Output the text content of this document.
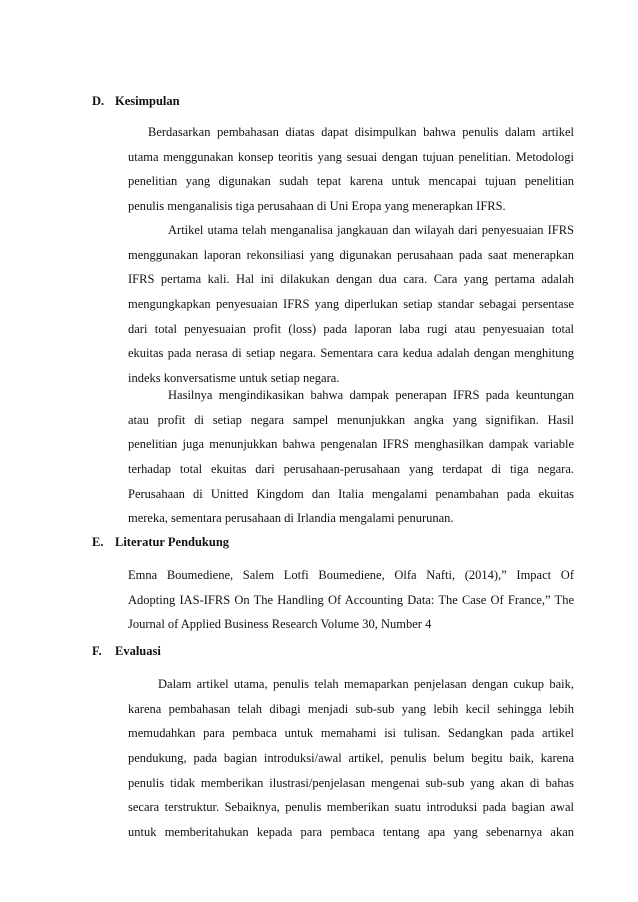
D. Kesimpulan
Berdasarkan pembahasan diatas dapat disimpulkan bahwa penulis dalam artikel
utama menggunakan konsep teoritis yang sesuai dengan tujuan penelitian. Metodologi
penelitian yang digunakan sudah tepat karena untuk mencapai tujuan penelitian
penulis menganalisis tiga perusahaan di Uni Eropa yang menerapkan IFRS.
Artikel utama telah menganalisa jangkauan dan wilayah dari penyesuaian IFRS
menggunakan laporan rekonsiliasi yang digunakan perusahaan pada saat menerapkan
IFRS pertama kali. Hal ini dilakukan dengan dua cara. Cara yang pertama adalah
mengungkapkan penyesuaian IFRS yang diperlukan setiap standar sebagai persentase
dari total penyesuaian profit (loss) pada laporan laba rugi atau penyesuaian total
ekuitas pada nerasa di setiap negara. Sementara cara kedua adalah dengan menghitung
indeks konversatisme untuk setiap negara.
Hasilnya mengindikasikan bahwa dampak penerapan IFRS pada keuntungan
atau profit di setiap negara sampel menunjukkan angka yang signifikan. Hasil
penelitian juga menunjukkan bahwa pengenalan IFRS menghasilkan dampak variable
terhadap total ekuitas dari perusahaan-perusahaan yang terdapat di tiga negara.
Perusahaan di Unitted Kingdom dan Italia mengalami penambahan pada ekuitas
mereka, sementara perusahaan di Irlandia mengalami penurunan.
E. Literatur Pendukung
Emna Boumediene, Salem Lotfi Boumediene, Olfa Nafti, (2014),” Impact Of
Adopting IAS-IFRS On The Handling Of Accounting Data: The Case Of France,” The
Journal of Applied Business Research Volume 30, Number 4
F. Evaluasi
Dalam artikel utama, penulis telah memaparkan penjelasan dengan cukup baik,
karena pembahasan telah dibagi menjadi sub-sub yang lebih kecil sehingga lebih
memudahkan para pembaca untuk memahami isi tulisan. Sedangkan pada artikel
pendukung, pada bagian introduksi/awal artikel, penulis belum begitu baik, karena
penulis tidak memberikan ilustrasi/penjelasan mengenai sub-sub yang akan di bahas
secara terstruktur. Sebaiknya, penulis memberikan suatu introduksi pada bagian awal
untuk memberitahukan kepada para pembaca tentang apa yang sebenarnya akan
